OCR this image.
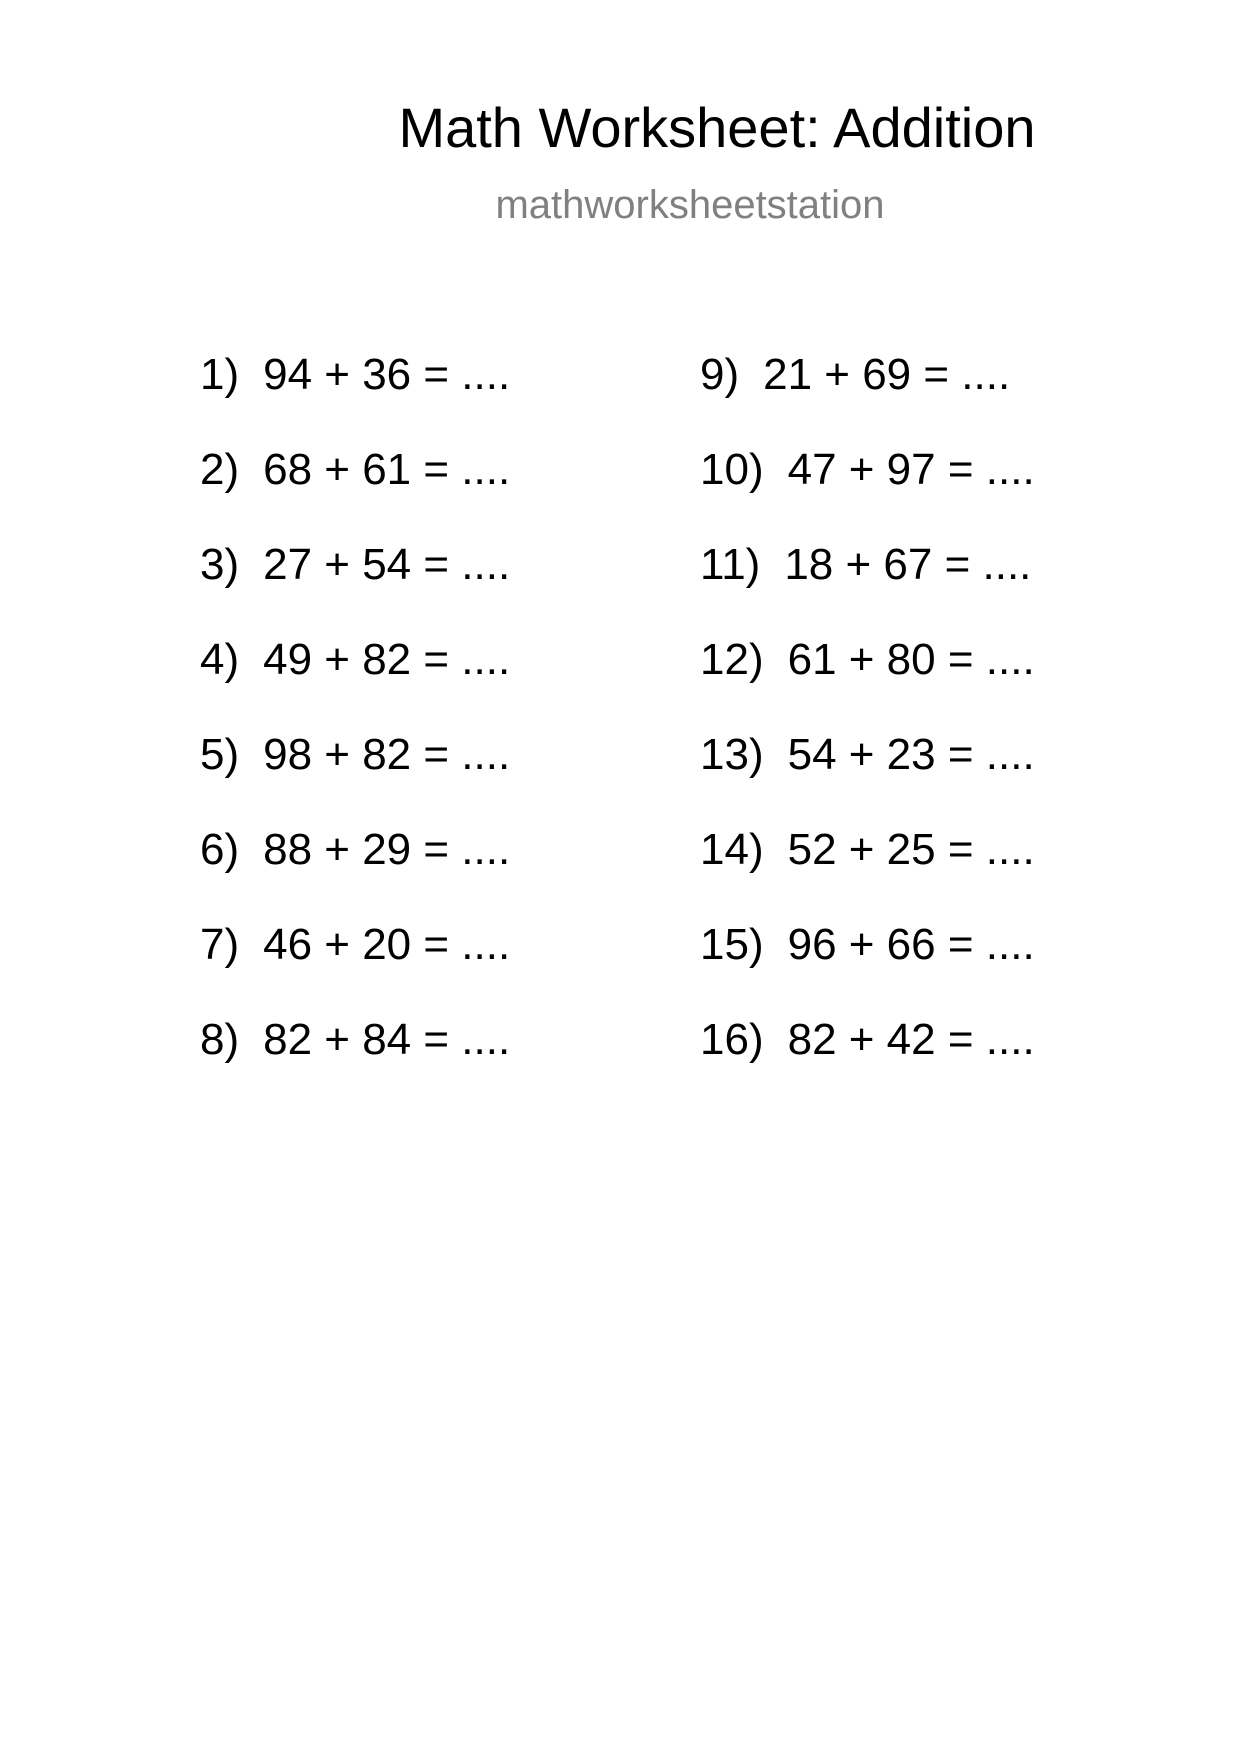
Math Worksheet: Addition
mathworksheetstation
1) 94 + 36 = ....
2) 68 + 61 = ....
3) 27 + 54 = ....
4) 49 + 82 = ....
5) 98 + 82 = ....
6) 88 + 29 = ....
7) 46 + 20 = ....
8) 82 + 84 = ....
9) 21 + 69 = ....
10) 47 + 97 = ....
11) 18 + 67 = ....
12) 61 + 80 = ....
13) 54 + 23 = ....
14) 52 + 25 = ....
15) 96 + 66 = ....
16) 82 + 42 = ....
